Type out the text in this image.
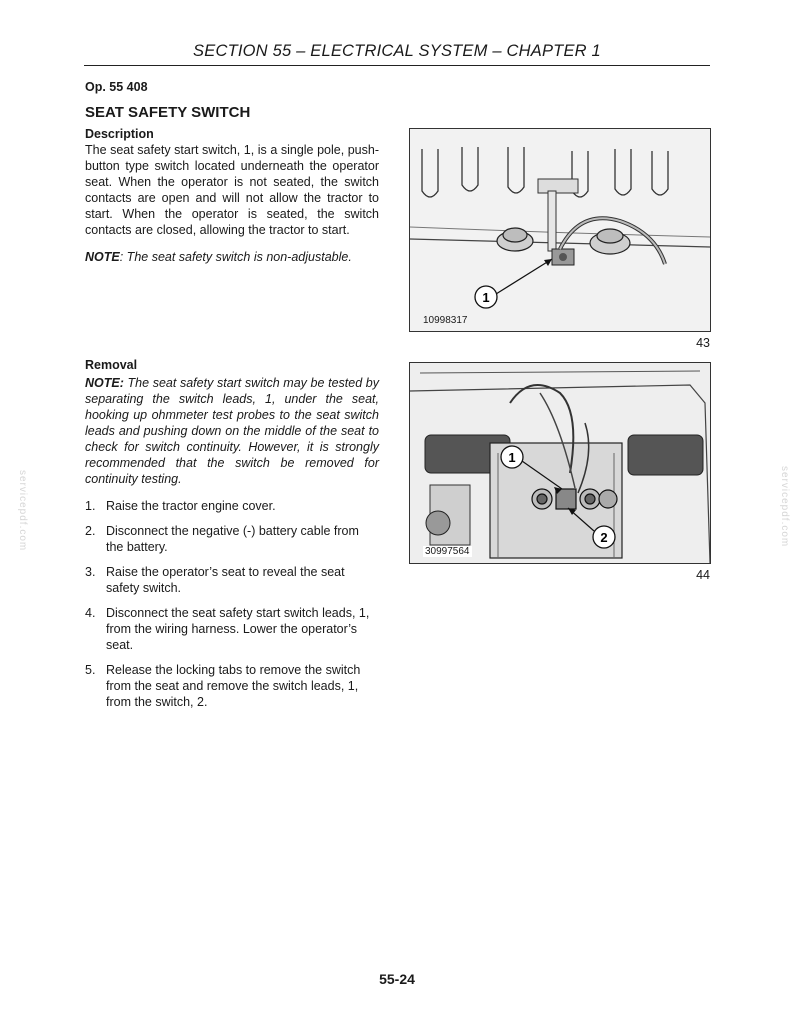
SECTION 55 – ELECTRICAL SYSTEM – CHAPTER 1
Op. 55 408
SEAT SAFETY SWITCH
Description
The seat safety start switch, 1, is a single pole, push-button type switch located underneath the operator seat. When the operator is not seated, the switch contacts are open and will not allow the tractor to start. When the operator is seated, the switch contacts are closed, allowing the tractor to start.
NOTE: The seat safety switch is non-adjustable.
Removal
NOTE: The seat safety start switch may be tested by separating the switch leads, 1, under the seat, hooking up ohmmeter test probes to the seat switch leads and pushing down on the middle of the seat to check for switch continuity. However, it is strongly recommended that the switch be removed for continuity testing.
1. Raise the tractor engine cover.
2. Disconnect the negative (-) battery cable from the battery.
3. Raise the operator’s seat to reveal the seat safety switch.
4. Disconnect the seat safety start switch leads, 1, from the wiring harness. Lower the operator’s seat.
5. Release the locking tabs to remove the switch from the seat and remove the switch leads, 1, from the switch, 2.
1
10998317
43
1
2
30997564
44
servicepdf.com	servicepdf.com
55-24
